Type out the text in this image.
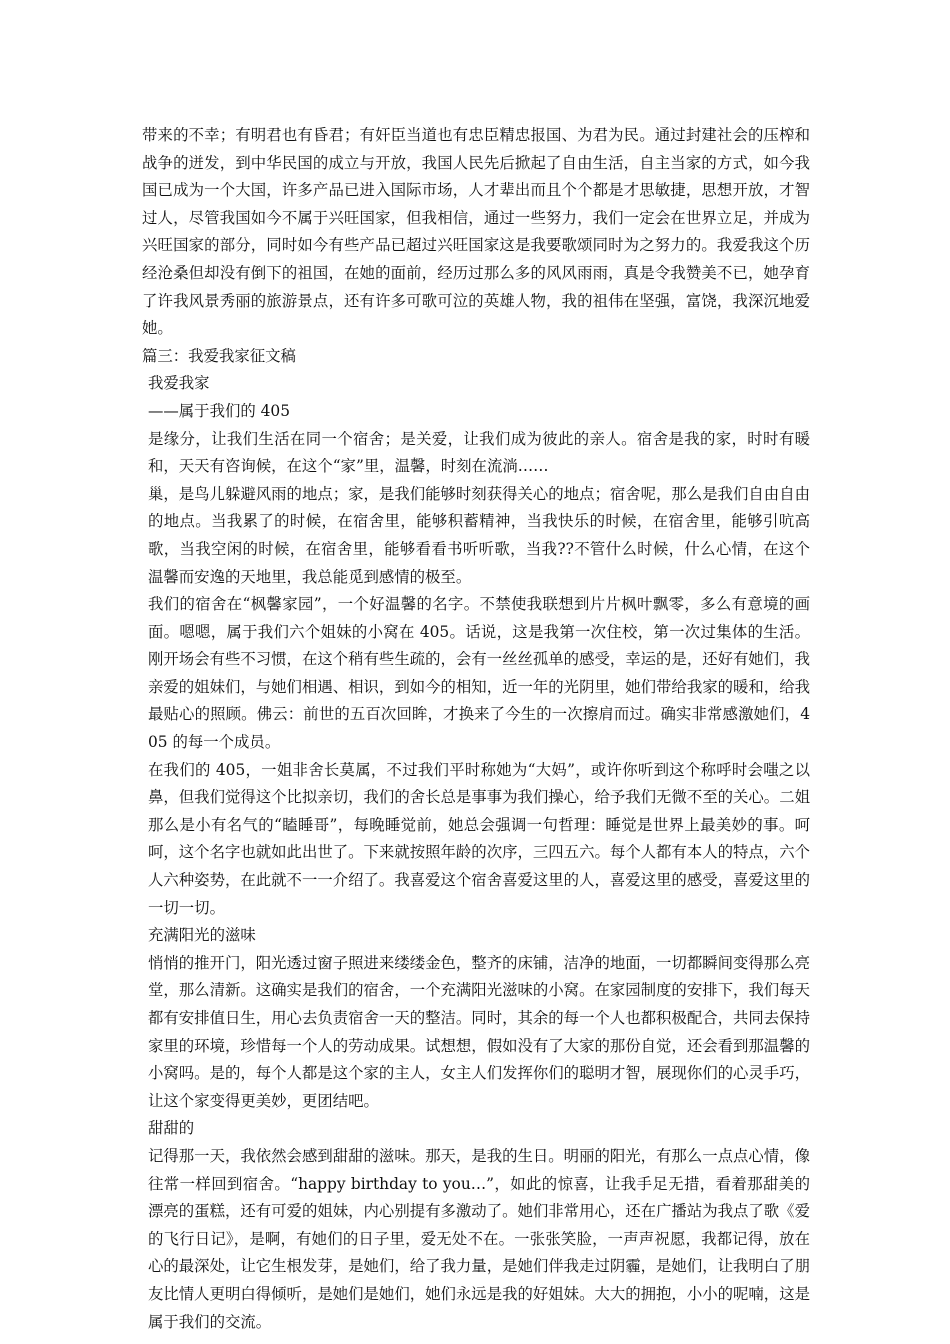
带来的不幸；有明君也有昏君；有奸臣当道也有忠臣精忠报国、为君为民。通过封建社会的压榨和战争的迸发，到中华民国的成立与开放，我国人民先后掀起了自由生活，自主当家的方式，如今我国已成为一个大国，许多产品已进入国际市场，人才辈出而且个个都是才思敏捷，思想开放，才智过人，尽管我国如今不属于兴旺国家，但我相信，通过一些努力，我们一定会在世界立足，并成为兴旺国家的部分，同时如今有些产品已超过兴旺国家这是我要歌颂同时为之努力的。我爱我这个历经沧桑但却没有倒下的祖国，在她的面前，经历过那么多的风风雨雨，真是令我赞美不已，她孕育了许我风景秀丽的旅游景点，还有许多可歌可泣的英雄人物，我的祖伟在坚强，富饶，我深沉地爱她。

篇三：我爱我家征文稿

我爱我家

——属于我们的 405

是缘分，让我们生活在同一个宿舍；是关爱，让我们成为彼此的亲人。宿舍是我的家，时时有暖和，天天有咨询候，在这个“家”里，温馨，时刻在流淌……

巢，是鸟儿躲避风雨的地点；家，是我们能够时刻获得关心的地点；宿舍呢，那么是我们自由自由的地点。当我累了的时候，在宿舍里，能够积蓄精神，当我快乐的时候，在宿舍里，能够引吭高歌，当我空闲的时候，在宿舍里，能够看看书听听歌，当我??不管什么时候，什么心情，在这个温馨而安逸的天地里，我总能觅到感情的极至。

我们的宿舍在“枫馨家园”，一个好温馨的名字。不禁使我联想到片片枫叶飘零，多么有意境的画面。嗯嗯，属于我们六个姐妹的小窝在 405。话说，这是我第一次住校，第一次过集体的生活。刚开场会有些不习惯，在这个稍有些生疏的，会有一丝丝孤单的感受，幸运的是，还好有她们，我亲爱的姐妹们，与她们相遇、相识，到如今的相知，近一年的光阴里，她们带给我家的暖和，给我最贴心的照顾。佛云：前世的五百次回眸，才换来了今生的一次擦肩而过。确实非常感激她们，405 的每一个成员。

在我们的 405，一姐非舍长莫属，不过我们平时称她为“大妈”，或许你听到这个称呼时会嗤之以鼻，但我们觉得这个比拟亲切，我们的舍长总是事事为我们操心，给予我们无微不至的关心。二姐那么是小有名气的“瞌睡哥”，每晚睡觉前，她总会强调一句哲理：睡觉是世界上最美妙的事。呵呵，这个名字也就如此出世了。下来就按照年龄的次序，三四五六。每个人都有本人的特点，六个人六种姿势，在此就不一一介绍了。我喜爱这个宿舍喜爱这里的人，喜爱这里的感受，喜爱这里的一切一切。

充满阳光的滋味

悄悄的推开门，阳光透过窗子照进来缕缕金色，整齐的床铺，洁净的地面，一切都瞬间变得那么亮堂，那么清新。这确实是我们的宿舍，一个充满阳光滋味的小窝。在家园制度的安排下，我们每天都有安排值日生，用心去负责宿舍一天的整洁。同时，其余的每一个人也都积极配合，共同去保持家里的环境，珍惜每一个人的劳动成果。试想想，假如没有了大家的那份自觉，还会看到那温馨的小窝吗。是的，每个人都是这个家的主人，女主人们发挥你们的聪明才智，展现你们的心灵手巧，让这个家变得更美妙，更团结吧。

甜甜的

记得那一天，我依然会感到甜甜的滋味。那天，是我的生日。明丽的阳光，有那么一点点心情，像往常一样回到宿舍。“happy birthday to you…”，如此的惊喜，让我手足无措，看着那甜美的漂亮的蛋糕，还有可爱的姐妹，内心别提有多激动了。她们非常用心，还在广播站为我点了歌《爱的飞行日记》，是啊，有她们的日子里，爱无处不在。一张张笑脸，一声声祝愿，我都记得，放在心的最深处，让它生根发芽，是她们，给了我力量，是她们伴我走过阴霾，是她们，让我明白了朋友比情人更明白得倾听，是她们是她们，她们永远是我的好姐妹。大大的拥抱，小小的呢喃，这是属于我们的交流。
